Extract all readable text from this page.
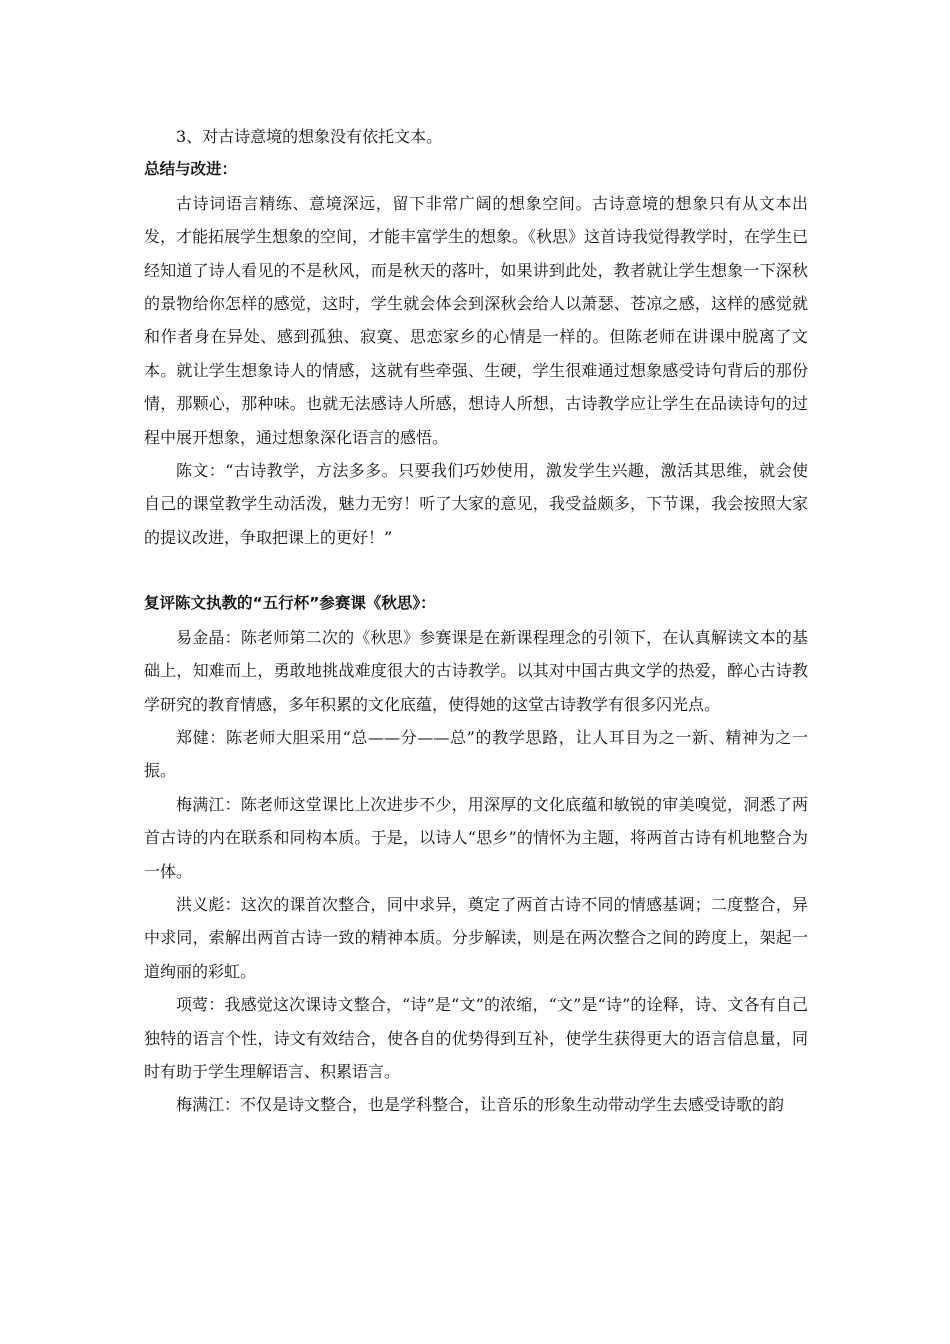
3、对古诗意境的想象没有依托文本。

总结与改进：

古诗词语言精练、意境深远，留下非常广阔的想象空间。古诗意境的想象只有从文本出发，才能拓展学生想象的空间，才能丰富学生的想象。《秋思》这首诗我觉得教学时，在学生已经知道了诗人看见的不是秋风，而是秋天的落叶，如果讲到此处，教者就让学生想象一下深秋的景物给你怎样的感觉，这时，学生就会体会到深秋会给人以萧瑟、苍凉之感，这样的感觉就和作者身在异处、感到孤独、寂寞、思恋家乡的心情是一样的。但陈老师在讲课中脱离了文本。就让学生想象诗人的情感，这就有些牵强、生硬，学生很难通过想象感受诗句背后的那份情，那颗心，那种味。也就无法感诗人所感，想诗人所想，古诗教学应让学生在品读诗句的过程中展开想象，通过想象深化语言的感悟。

陈文：“古诗教学，方法多多。只要我们巧妙使用，激发学生兴趣，激活其思维，就会使自己的课堂教学生动活泼，魅力无穷！听了大家的意见，我受益颇多，下节课，我会按照大家的提议改进，争取把课上的更好！”

复评陈文执教的“五行杯”参赛课《秋思》：

易金晶：陈老师第二次的《秋思》参赛课是在新课程理念的引领下，在认真解读文本的基础上，知难而上，勇敢地挑战难度很大的古诗教学。以其对中国古典文学的热爱，醉心古诗教学研究的教育情感，多年积累的文化底蕴，使得她的这堂古诗教学有很多闪光点。

郑健：陈老师大胆采用“总——分——总”的教学思路，让人耳目为之一新、精神为之一振。

梅满江：陈老师这堂课比上次进步不少，用深厚的文化底蕴和敏锐的审美嗅觉，洞悉了两首古诗的内在联系和同构本质。于是，以诗人“思乡”的情怀为主题，将两首古诗有机地整合为一体。

洪义彪：这次的课首次整合，同中求异，奠定了两首古诗不同的情感基调；二度整合，异中求同，索解出两首古诗一致的精神本质。分步解读，则是在两次整合之间的跨度上，架起一道绚丽的彩虹。

项莺：我感觉这次课诗文整合，“诗”是“文”的浓缩，“文”是“诗”的诠释，诗、文各有自己独特的语言个性，诗文有效结合，使各自的优势得到互补，使学生获得更大的语言信息量，同时有助于学生理解语言、积累语言。

梅满江：不仅是诗文整合，也是学科整合，让音乐的形象生动带动学生去感受诗歌的韵
